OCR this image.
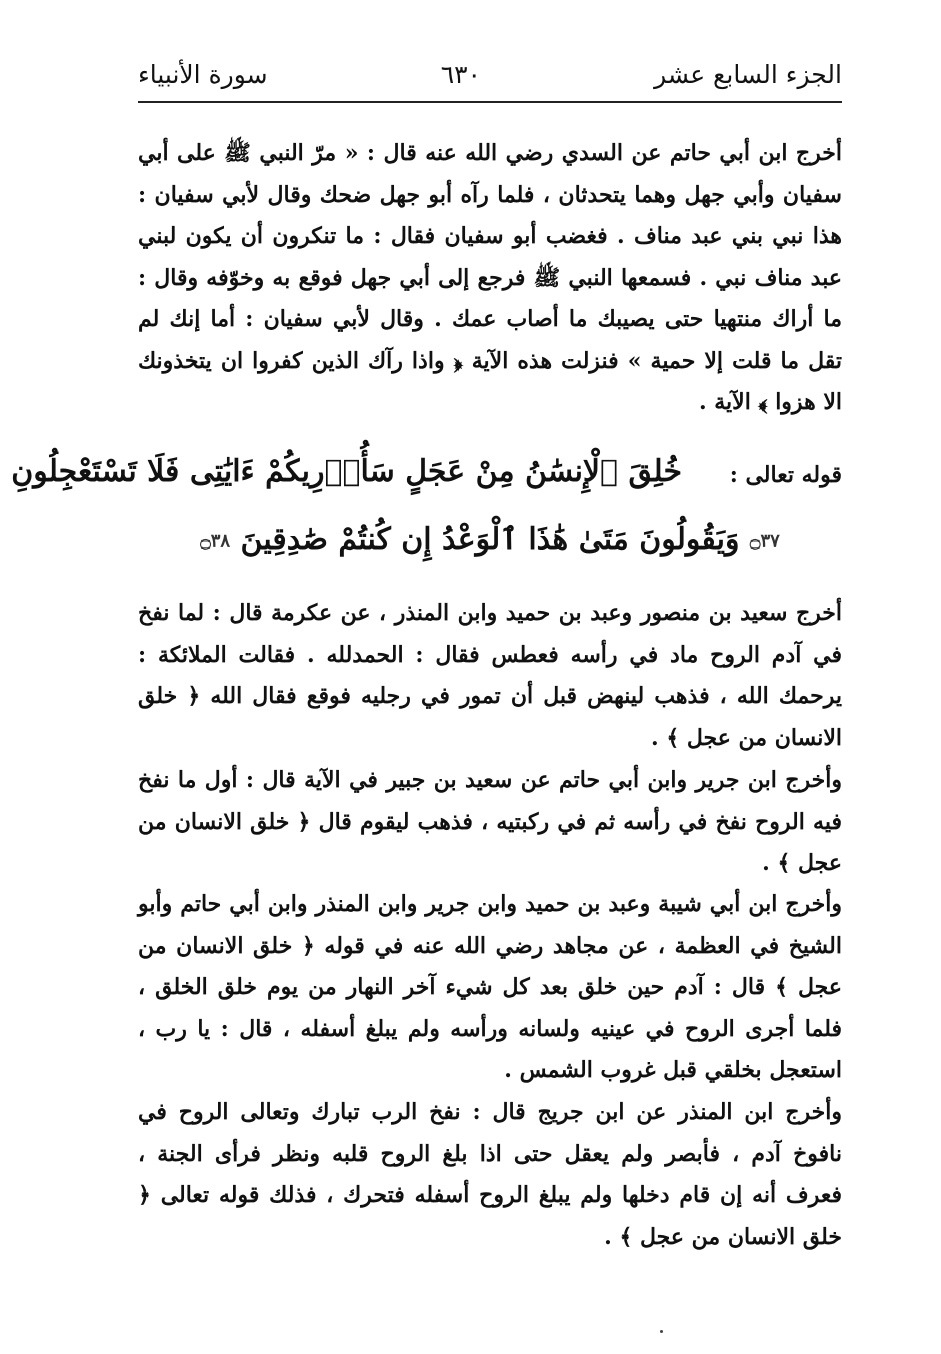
الجزء السابع عشر
٦٣٠
سورة الأنبياء

أخرج ابن أبي حاتم عن السدي رضي الله عنه قال : « مرّ النبي ﷺ على أبي سفيان وأبي جهل وهما يتحدثان ، فلما رآه أبو جهل ضحك وقال لأبي سفيان : هذا نبي بني عبد مناف . فغضب أبو سفيان فقال : ما تنكرون أن يكون لبني عبد مناف نبي . فسمعها النبي ﷺ فرجع إلى أبي جهل فوقع به وخوّفه وقال : ما أراك منتهيا حتى يصيبك ما أصاب عمك . وقال لأبي سفيان : أما إنك لم تقل ما قلت إلا حمية » فنزلت هذه الآية ﴿ واذا رآك الذين كفروا ان يتخذونك الا هزوا ﴾ الآية .

قوله تعالى :
خُلِقَ ٱلْإِنسَٰنُ مِنْ عَجَلٍ سَأُو۟رِيكُمْ ءَايَٰتِى فَلَا تَسْتَعْجِلُونِ
۝٣٧ وَيَقُولُونَ مَتَىٰ هَٰذَا ٱلْوَعْدُ إِن كُنتُمْ صَٰدِقِينَ ۝٣٨

أخرج سعيد بن منصور وعبد بن حميد وابن المنذر ، عن عكرمة قال : لما نفخ في آدم الروح ماد في رأسه فعطس فقال : الحمدلله . فقالت الملائكة : يرحمك الله ، فذهب لينهض قبل أن تمور في رجليه فوقع فقال الله ﴿ خلق الانسان من عجل ﴾ .

وأخرج ابن جرير وابن أبي حاتم عن سعيد بن جبير في الآية قال : أول ما نفخ فيه الروح نفخ في رأسه ثم في ركبتيه ، فذهب ليقوم قال ﴿ خلق الانسان من عجل ﴾ .

وأخرج ابن أبي شيبة وعبد بن حميد وابن جرير وابن المنذر وابن أبي حاتم وأبو الشيخ في العظمة ، عن مجاهد رضي الله عنه في قوله ﴿ خلق الانسان من عجل ﴾ قال : آدم حين خلق بعد كل شيء آخر النهار من يوم خلق الخلق ، فلما أجرى الروح في عينيه ولسانه ورأسه ولم يبلغ أسفله ، قال : يا رب ، استعجل بخلقي قبل غروب الشمس .

وأخرج ابن المنذر عن ابن جريج قال : نفخ الرب تبارك وتعالى الروح في نافوخ آدم ، فأبصر ولم يعقل حتى اذا بلغ الروح قلبه ونظر فرأى الجنة ، فعرف أنه إن قام دخلها ولم يبلغ الروح أسفله فتحرك ، فذلك قوله تعالى ﴿ خلق الانسان من عجل ﴾ .
